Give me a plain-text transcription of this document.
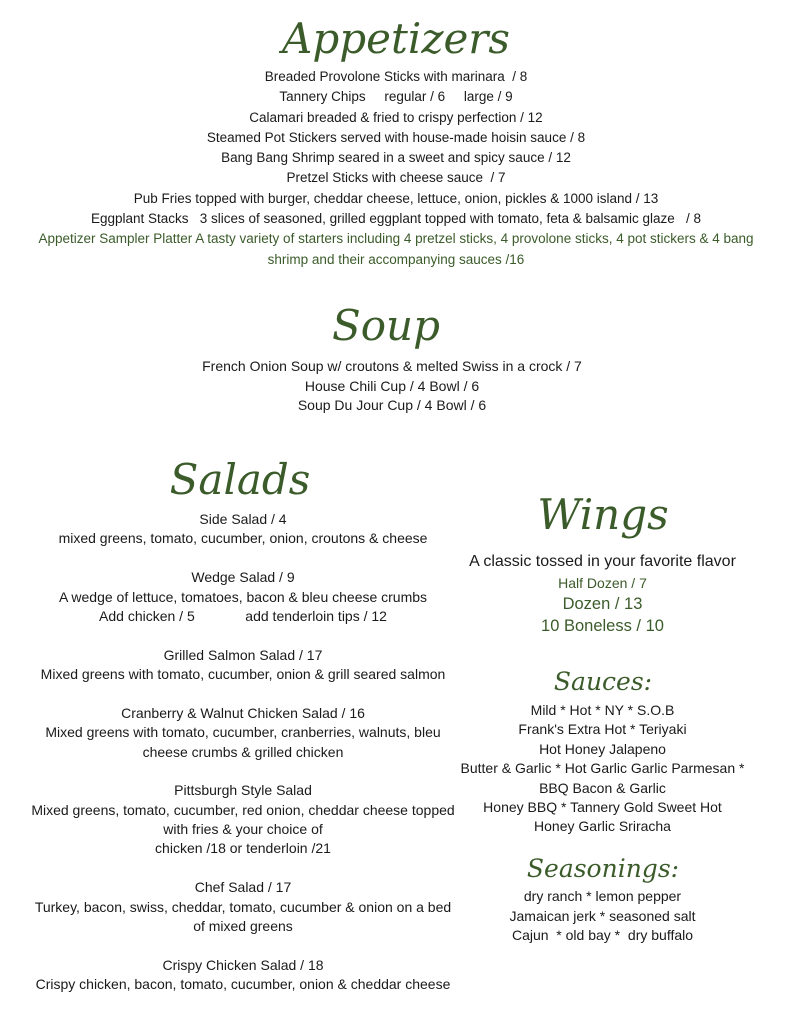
Appetizers
Breaded Provolone Sticks with marinara  / 8
Tannery Chips     regular / 6     large / 9
Calamari breaded & fried to crispy perfection / 12
Steamed Pot Stickers served with house-made hoisin sauce / 8
Bang Bang Shrimp seared in a sweet and spicy sauce / 12
Pretzel Sticks with cheese sauce  / 7
Pub Fries topped with burger, cheddar cheese, lettuce, onion, pickles & 1000 island / 13
Eggplant Stacks   3 slices of seasoned, grilled eggplant topped with tomato, feta & balsamic glaze   / 8
Appetizer Sampler Platter A tasty variety of starters including 4 pretzel sticks, 4 provolone sticks, 4 pot stickers & 4 bang shrimp and their accompanying sauces /16
Soup
French Onion Soup w/ croutons & melted Swiss in a crock / 7
House Chili Cup / 4 Bowl / 6
Soup Du Jour Cup / 4 Bowl / 6
Salads
Side Salad / 4
mixed greens, tomato, cucumber, onion, croutons & cheese
Wedge Salad / 9
A wedge of lettuce, tomatoes, bacon & bleu cheese crumbs
Add chicken / 5             add tenderloin tips / 12
Grilled Salmon Salad / 17
Mixed greens with tomato, cucumber, onion & grill seared salmon
Cranberry & Walnut Chicken Salad / 16
Mixed greens with tomato, cucumber, cranberries, walnuts, bleu cheese crumbs & grilled chicken
Pittsburgh Style Salad
Mixed greens, tomato, cucumber, red onion, cheddar cheese topped with fries & your choice of
chicken /18 or tenderloin /21
Chef Salad / 17
Turkey, bacon, swiss, cheddar, tomato, cucumber & onion on a bed of mixed greens
Crispy Chicken Salad / 18
Crispy chicken, bacon, tomato, cucumber, onion & cheddar cheese
Wings
A classic tossed in your favorite flavor
Half Dozen / 7
Dozen / 13
10 Boneless / 10
Sauces:
Mild * Hot * NY * S.O.B
Frank's Extra Hot * Teriyaki
Hot Honey Jalapeno
Butter & Garlic * Hot Garlic Garlic Parmesan *
BBQ Bacon & Garlic
Honey BBQ * Tannery Gold Sweet Hot
Honey Garlic Sriracha
Seasonings:
dry ranch * lemon pepper
Jamaican jerk * seasoned salt
Cajun  * old bay *  dry buffalo
